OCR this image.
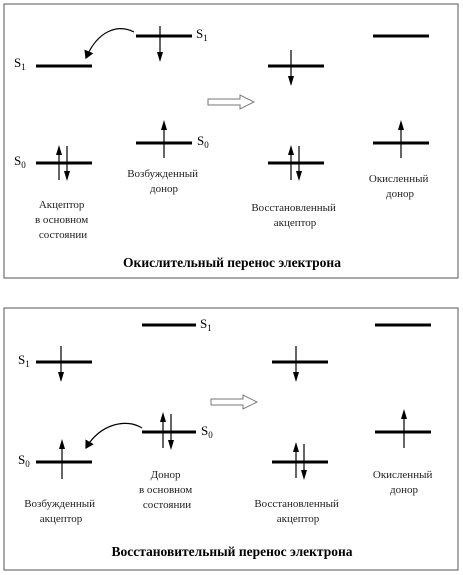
$S_1$
$S_1$
$S_0$
Акцептор в основном состоянии
$S_0$
Возбужденный донор
Восстановленный акцептор
Окисленный донор
Окислительный перенос электрона
$S_1$
$S_1$
$S_0$
Возбужденный акцептор
$S_0$
Донор в основном состоянии	Восстановленный акцептор
Окисленный донор
Восстановительный перенос электрона
